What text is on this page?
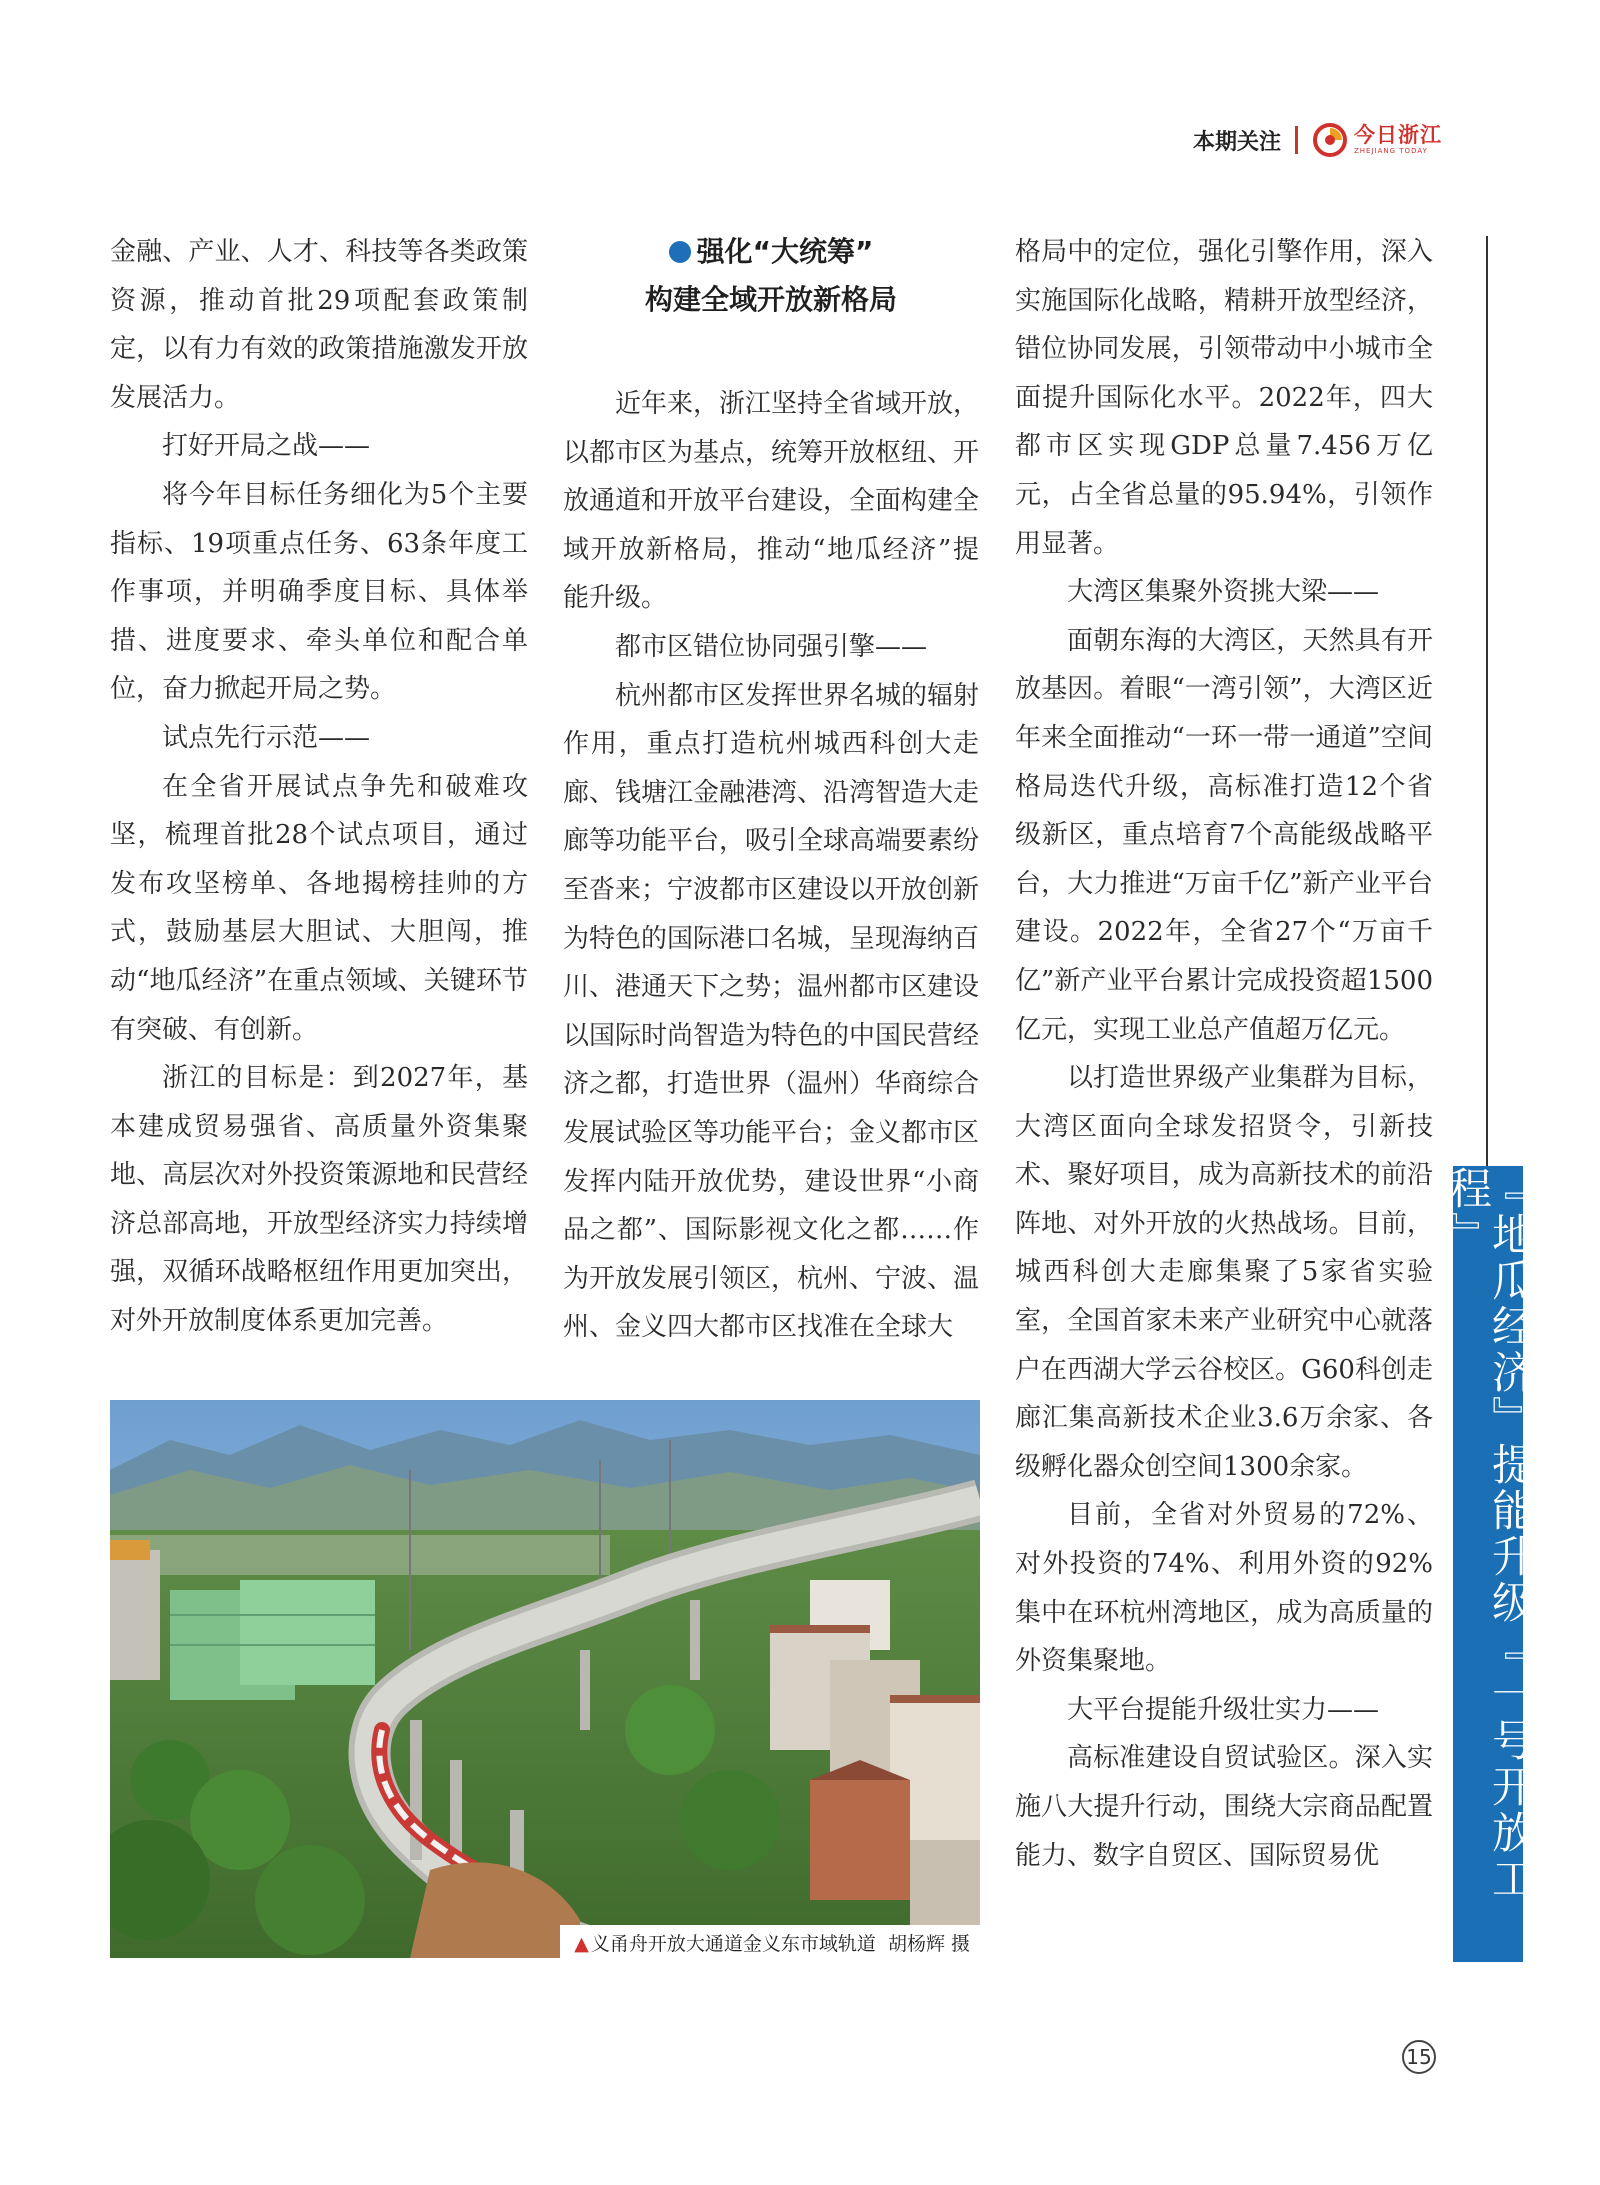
本期关注	今日浙江
ZHEJIANG TODAY

金融、产业、人才、科技等各类政策资源，推动首批29项配套政策制定，以有力有效的政策措施激发开放发展活力。

打好开局之战——

将今年目标任务细化为5个主要指标、19项重点任务、63条年度工作事项，并明确季度目标、具体举措、进度要求、牵头单位和配合单位，奋力掀起开局之势。

试点先行示范——

在全省开展试点争先和破难攻坚，梳理首批28个试点项目，通过发布攻坚榜单、各地揭榜挂帅的方式，鼓励基层大胆试、大胆闯，推动“地瓜经济”在重点领域、关键环节有突破、有创新。

浙江的目标是：到2027年，基本建成贸易强省、高质量外资集聚地、高层次对外投资策源地和民营经济总部高地，开放型经济实力持续增强，双循环战略枢纽作用更加突出，对外开放制度体系更加完善。

强化“大统筹”
构建全域开放新格局

近年来，浙江坚持全省域开放，以都市区为基点，统筹开放枢纽、开放通道和开放平台建设，全面构建全域开放新格局，推动“地瓜经济”提能升级。

都市区错位协同强引擎——

杭州都市区发挥世界名城的辐射作用，重点打造杭州城西科创大走廊、钱塘江金融港湾、沿湾智造大走廊等功能平台，吸引全球高端要素纷至沓来；宁波都市区建设以开放创新为特色的国际港口名城，呈现海纳百川、港通天下之势；温州都市区建设以国际时尚智造为特色的中国民营经济之都，打造世界（温州）华商综合发展试验区等功能平台；金义都市区发挥内陆开放优势，建设世界“小商品之都”、国际影视文化之都……作为开放发展引领区，杭州、宁波、温州、金义四大都市区找准在全球大

格局中的定位，强化引擎作用，深入实施国际化战略，精耕开放型经济，错位协同发展，引领带动中小城市全面提升国际化水平。2022年，四大都市区实现GDP总量7.456万亿元，占全省总量的95.94%，引领作用显著。

大湾区集聚外资挑大梁——

面朝东海的大湾区，天然具有开放基因。着眼“一湾引领”，大湾区近年来全面推动“一环一带一通道”空间格局迭代升级，高标准打造12个省级新区，重点培育7个高能级战略平台，大力推进“万亩千亿”新产业平台建设。2022年，全省27个“万亩千亿”新产业平台累计完成投资超1500亿元，实现工业总产值超万亿元。

以打造世界级产业集群为目标，大湾区面向全球发招贤令，引新技术、聚好项目，成为高新技术的前沿阵地、对外开放的火热战场。目前，城西科创大走廊集聚了5家省实验室，全国首家未来产业研究中心就落户在西湖大学云谷校区。G60科创走廊汇集高新技术企业3.6万余家、各级孵化器众创空间1300余家。

目前，全省对外贸易的72%、对外投资的74%、利用外资的92%集中在环杭州湾地区，成为高质量的外资集聚地。

大平台提能升级壮实力——

高标准建设自贸试验区。深入实施八大提升行动，围绕大宗商品配置能力、数字自贸区、国际贸易优

▲ 义甬舟开放大通道金义东市域轨道 胡杨辉 摄
『地瓜经济』提能升级『一号开放工程』
15
